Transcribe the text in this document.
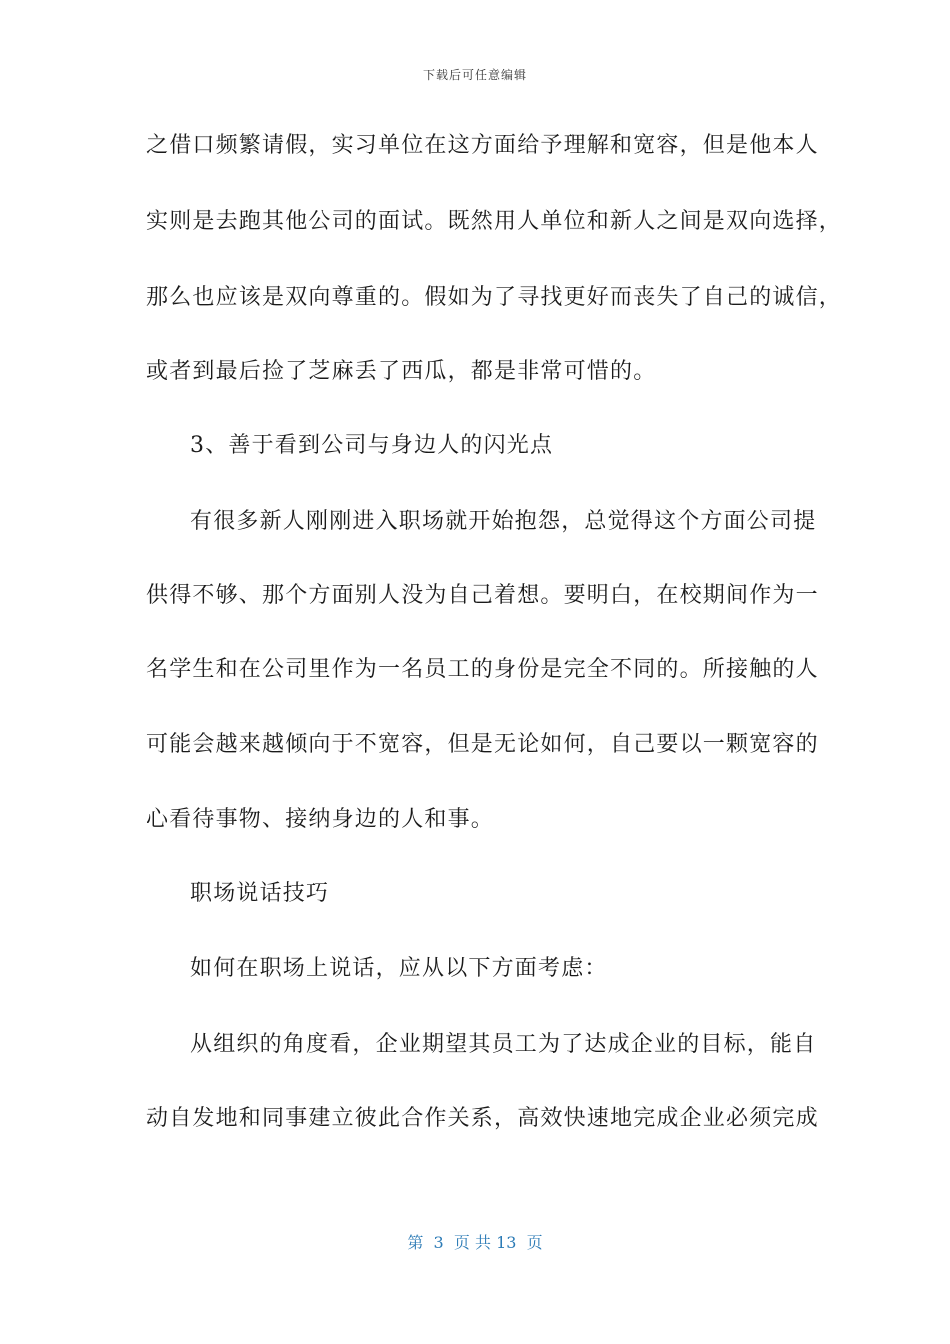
下载后可任意编辑
之借口频繁请假，实习单位在这方面给予理解和宽容，但是他本人
实则是去跑其他公司的面试。既然用人单位和新人之间是双向选择，
那么也应该是双向尊重的。假如为了寻找更好而丧失了自己的诚信，
或者到最后捡了芝麻丢了西瓜，都是非常可惜的。
3、善于看到公司与身边人的闪光点
有很多新人刚刚进入职场就开始抱怨，总觉得这个方面公司提
供得不够、那个方面别人没为自己着想。要明白，在校期间作为一
名学生和在公司里作为一名员工的身份是完全不同的。所接触的人
可能会越来越倾向于不宽容，但是无论如何，自己要以一颗宽容的
心看待事物、接纳身边的人和事。
职场说话技巧
如何在职场上说话，应从以下方面考虑：
从组织的角度看，企业期望其员工为了达成企业的目标，能自
动自发地和同事建立彼此合作关系，高效快速地完成企业必须完成
第  3  页 共 13  页
